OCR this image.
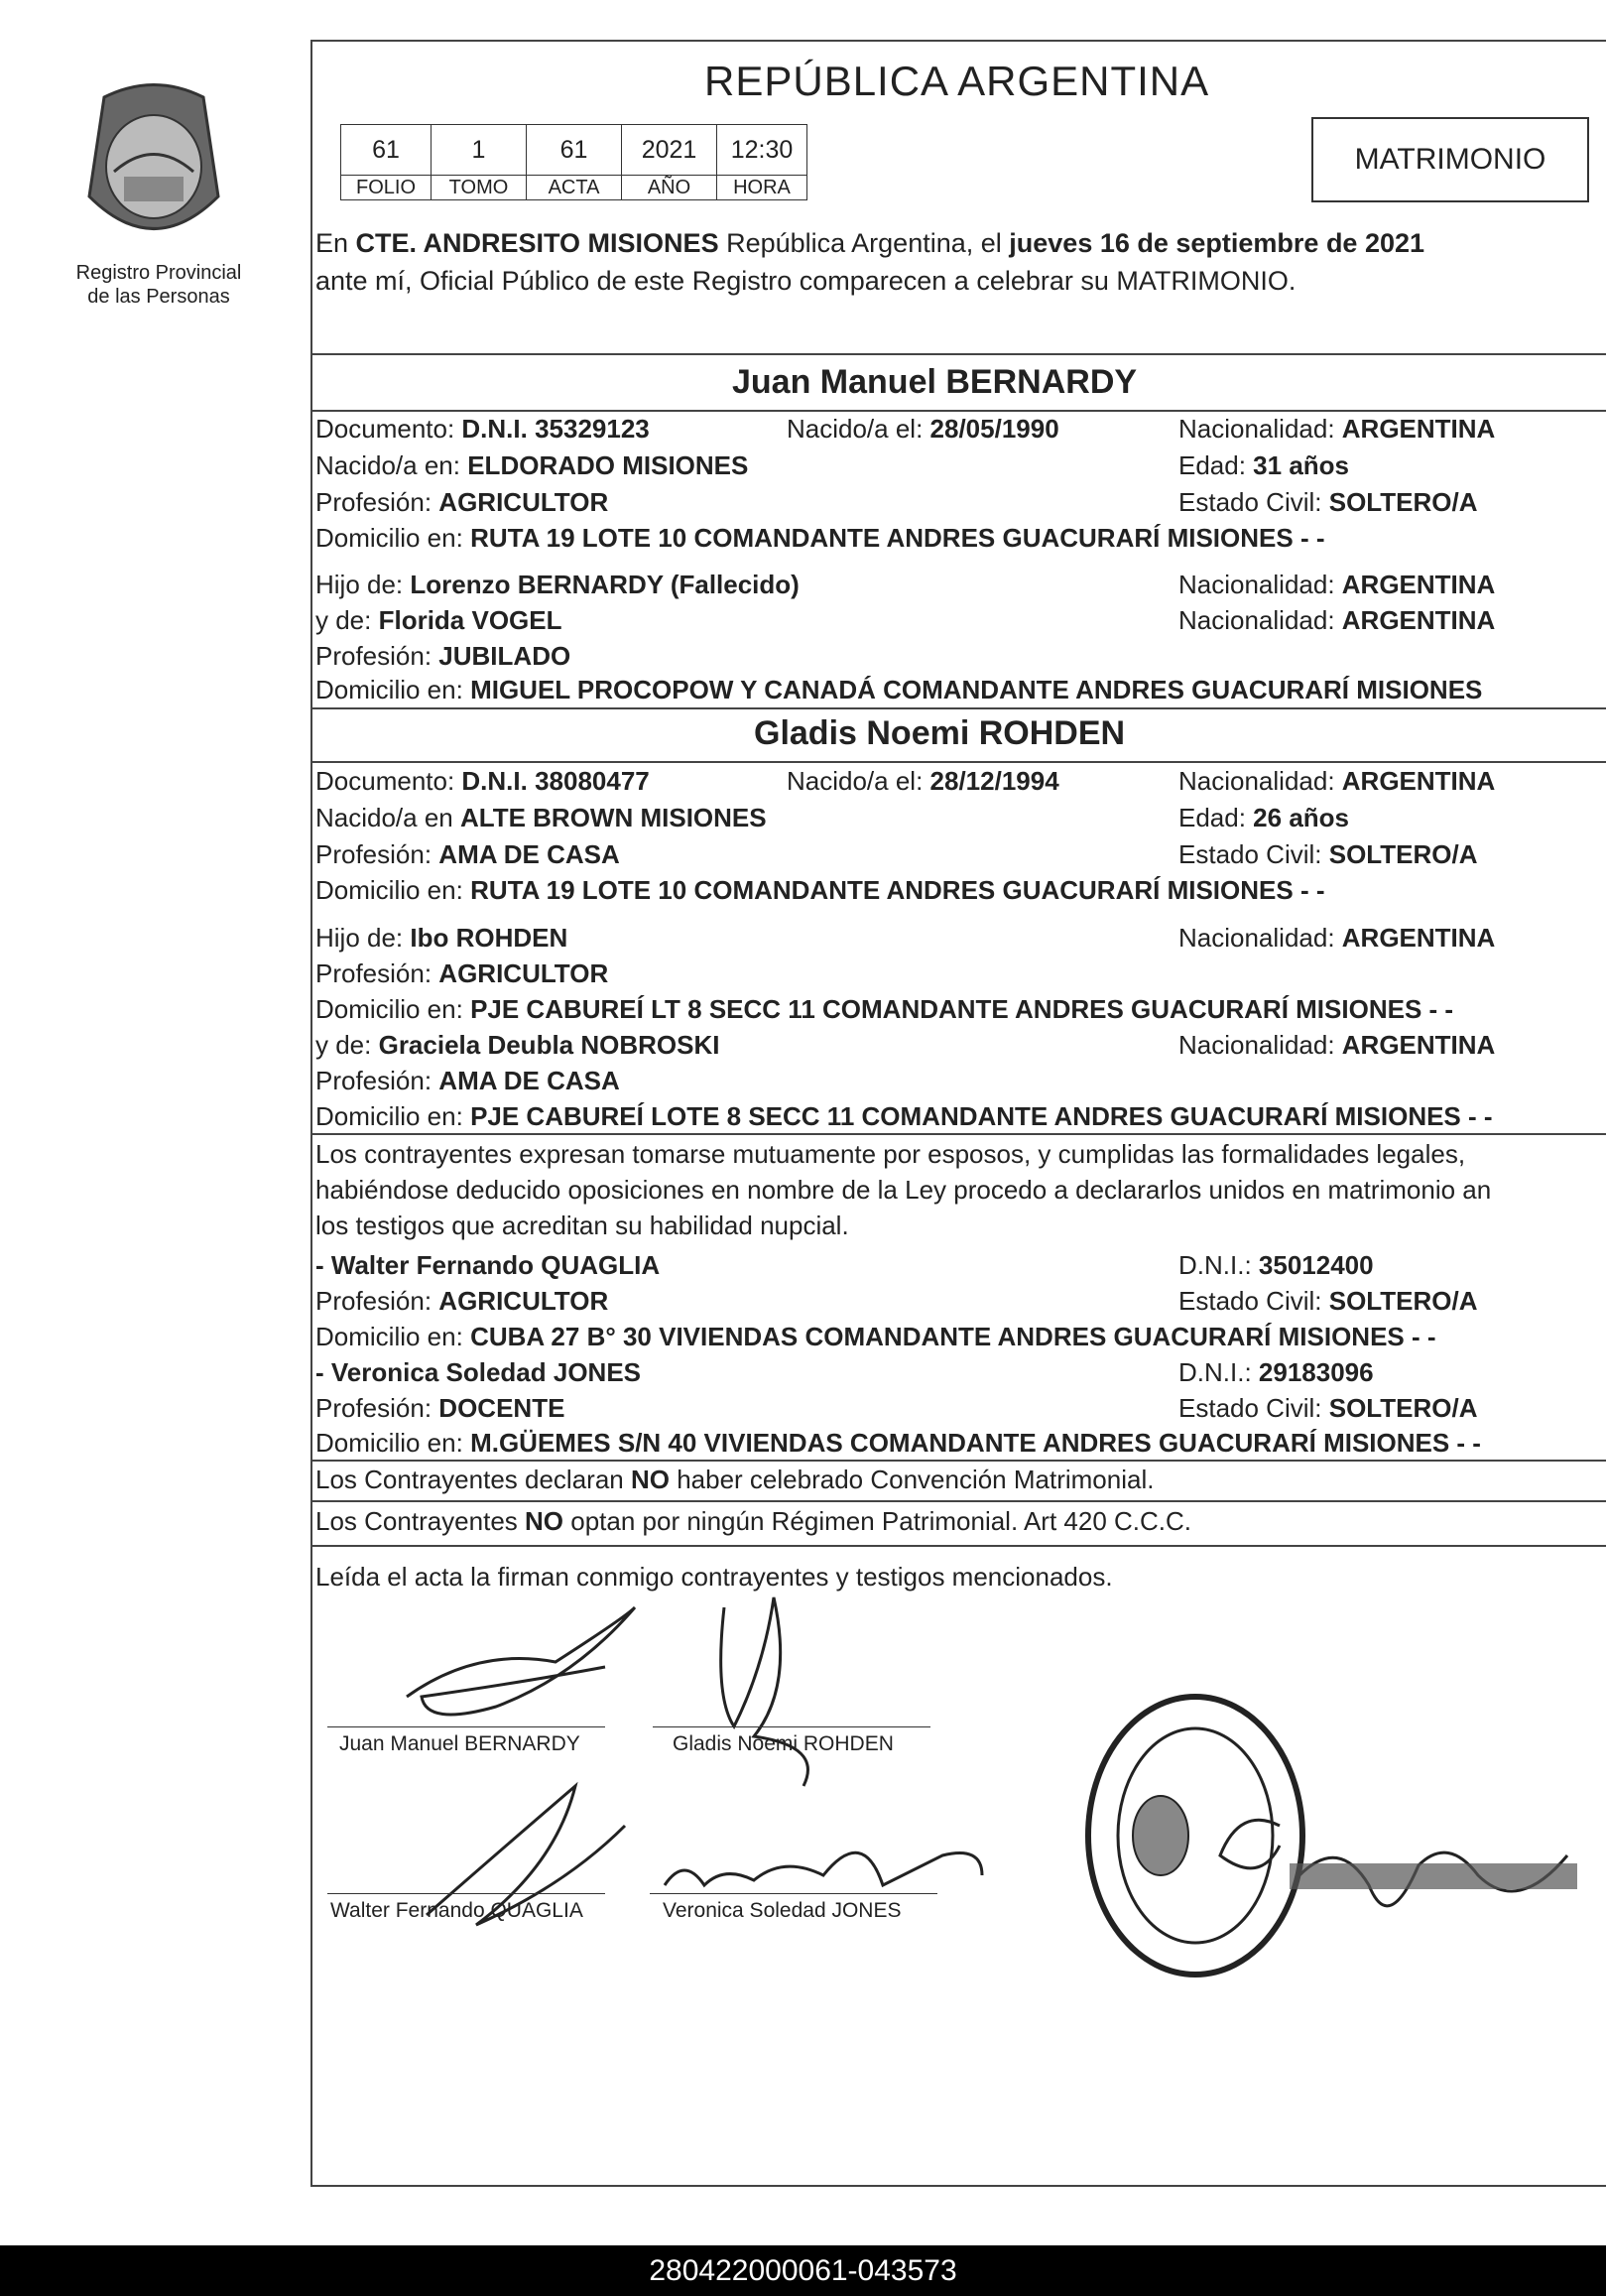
Registro Provincial
de las Personas
REPÚBLICA ARGENTINA
61	1	61	2021	12:30
FOLIO	TOMO	ACTA	AÑO	HORA
MATRIMONIO
En CTE. ANDRESITO MISIONES República Argentina, el jueves 16 de septiembre de 2021
ante mí, Oficial Público de este Registro comparecen a celebrar su MATRIMONIO.
Juan Manuel BERNARDY
Documento: D.N.I. 35329123	Nacido/a el: 28/05/1990	Nacionalidad: ARGENTINA
Nacido/a en: ELDORADO MISIONES	Edad: 31 años
Profesión: AGRICULTOR	Estado Civil: SOLTERO/A
Domicilio en: RUTA 19 LOTE 10 COMANDANTE ANDRES GUACURARÍ MISIONES - -
Hijo de: Lorenzo BERNARDY (Fallecido)	Nacionalidad: ARGENTINA
y de: Florida VOGEL	Nacionalidad: ARGENTINA
Profesión: JUBILADO
Domicilio en: MIGUEL PROCOPOW Y CANADÁ COMANDANTE ANDRES GUACURARÍ MISIONES
Gladis Noemi ROHDEN
Documento: D.N.I. 38080477	Nacido/a el: 28/12/1994	Nacionalidad: ARGENTINA
Nacido/a en ALTE BROWN MISIONES	Edad: 26 años
Profesión: AMA DE CASA	Estado Civil: SOLTERO/A
Domicilio en: RUTA 19 LOTE 10 COMANDANTE ANDRES GUACURARÍ MISIONES - -
Hijo de: Ibo ROHDEN	Nacionalidad: ARGENTINA
Profesión: AGRICULTOR
Domicilio en: PJE CABUREÍ LT 8 SECC 11 COMANDANTE ANDRES GUACURARÍ MISIONES - -
y de: Graciela Deubla NOBROSKI	Nacionalidad: ARGENTINA
Profesión: AMA DE CASA
Domicilio en: PJE CABUREÍ LOTE 8 SECC 11 COMANDANTE ANDRES GUACURARÍ MISIONES - -
Los contrayentes expresan tomarse mutuamente por esposos, y cumplidas las formalidades legales,
habiéndose deducido oposiciones en nombre de la Ley procedo a declararlos unidos en matrimonio an
los testigos que acreditan su habilidad nupcial.
- Walter Fernando QUAGLIA	D.N.I.: 35012400
Profesión: AGRICULTOR	Estado Civil: SOLTERO/A
Domicilio en: CUBA 27 B° 30 VIVIENDAS COMANDANTE ANDRES GUACURARÍ MISIONES - -
- Veronica Soledad JONES	D.N.I.: 29183096
Profesión: DOCENTE	Estado Civil: SOLTERO/A
Domicilio en: M.GÜEMES S/N 40 VIVIENDAS COMANDANTE ANDRES GUACURARÍ MISIONES - -
Los Contrayentes declaran NO haber celebrado Convención Matrimonial.
Los Contrayentes NO optan por ningún Régimen Patrimonial. Art 420 C.C.C.
Leída el acta la firman conmigo contrayentes y testigos mencionados.
Juan Manuel BERNARDY	Gladis Noemi ROHDEN
Walter Fernando QUAGLIA	Veronica Soledad JONES
280422000061-043573
